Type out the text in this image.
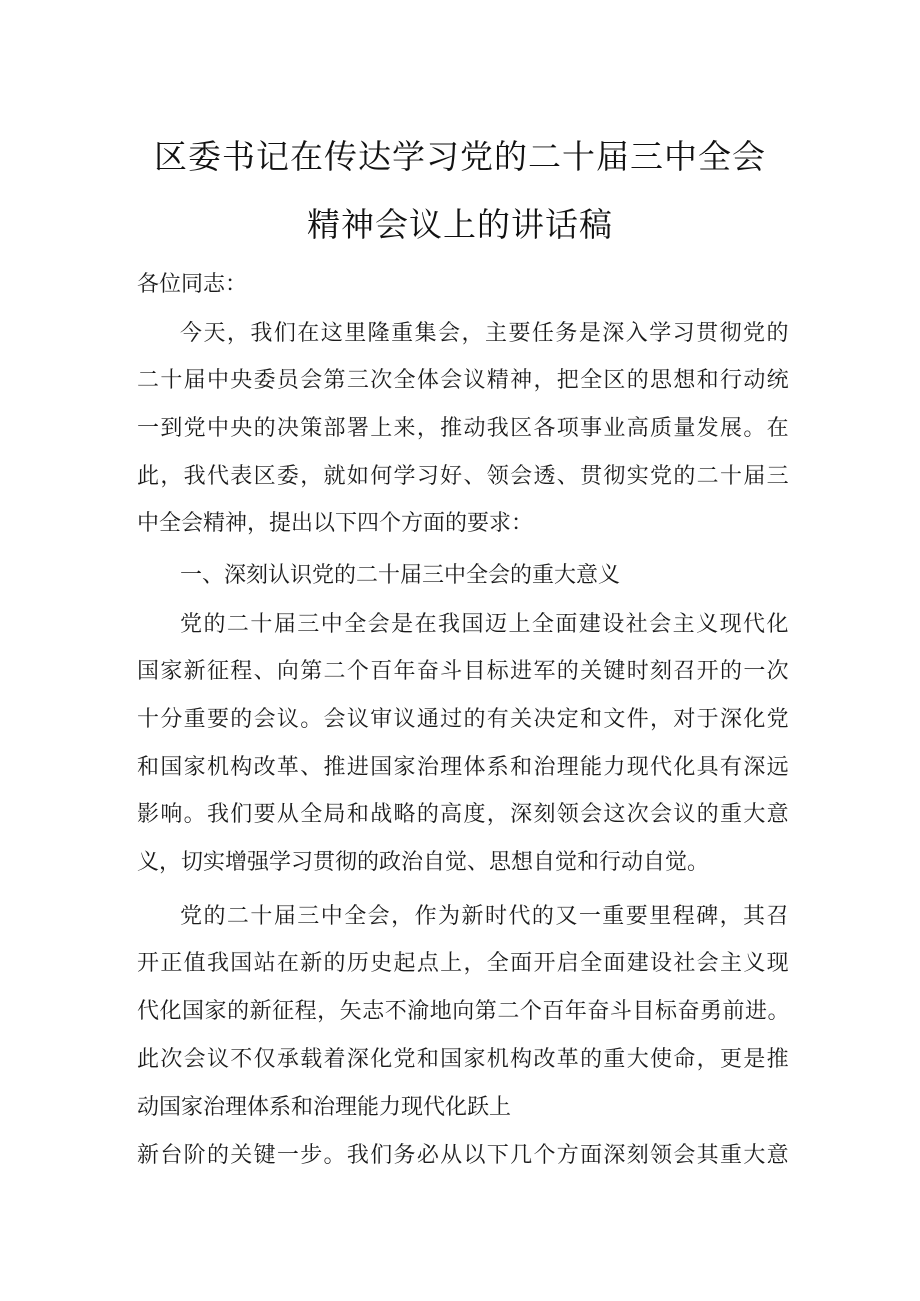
区委书记在传达学习党的二十届三中全会
精神会议上的讲话稿

各位同志：

今天，我们在这里隆重集会，主要任务是深入学习贯彻党的

二十届中央委员会第三次全体会议精神，把全区的思想和行动统

一到党中央的决策部署上来，推动我区各项事业高质量发展。在

此，我代表区委，就如何学习好、领会透、贯彻实党的二十届三

中全会精神，提出以下四个方面的要求：

一、深刻认识党的二十届三中全会的重大意义

党的二十届三中全会是在我国迈上全面建设社会主义现代化

国家新征程、向第二个百年奋斗目标进军的关键时刻召开的一次

十分重要的会议。会议审议通过的有关决定和文件，对于深化党

和国家机构改革、推进国家治理体系和治理能力现代化具有深远

影响。我们要从全局和战略的高度，深刻领会这次会议的重大意

义，切实增强学习贯彻的政治自觉、思想自觉和行动自觉。

党的二十届三中全会，作为新时代的又一重要里程碑，其召

开正值我国站在新的历史起点上，全面开启全面建设社会主义现

代化国家的新征程，矢志不渝地向第二个百年奋斗目标奋勇前进。

此次会议不仅承载着深化党和国家机构改革的重大使命，更是推

动国家治理体系和治理能力现代化跃上

新台阶的关键一步。我们务必从以下几个方面深刻领会其重大意
